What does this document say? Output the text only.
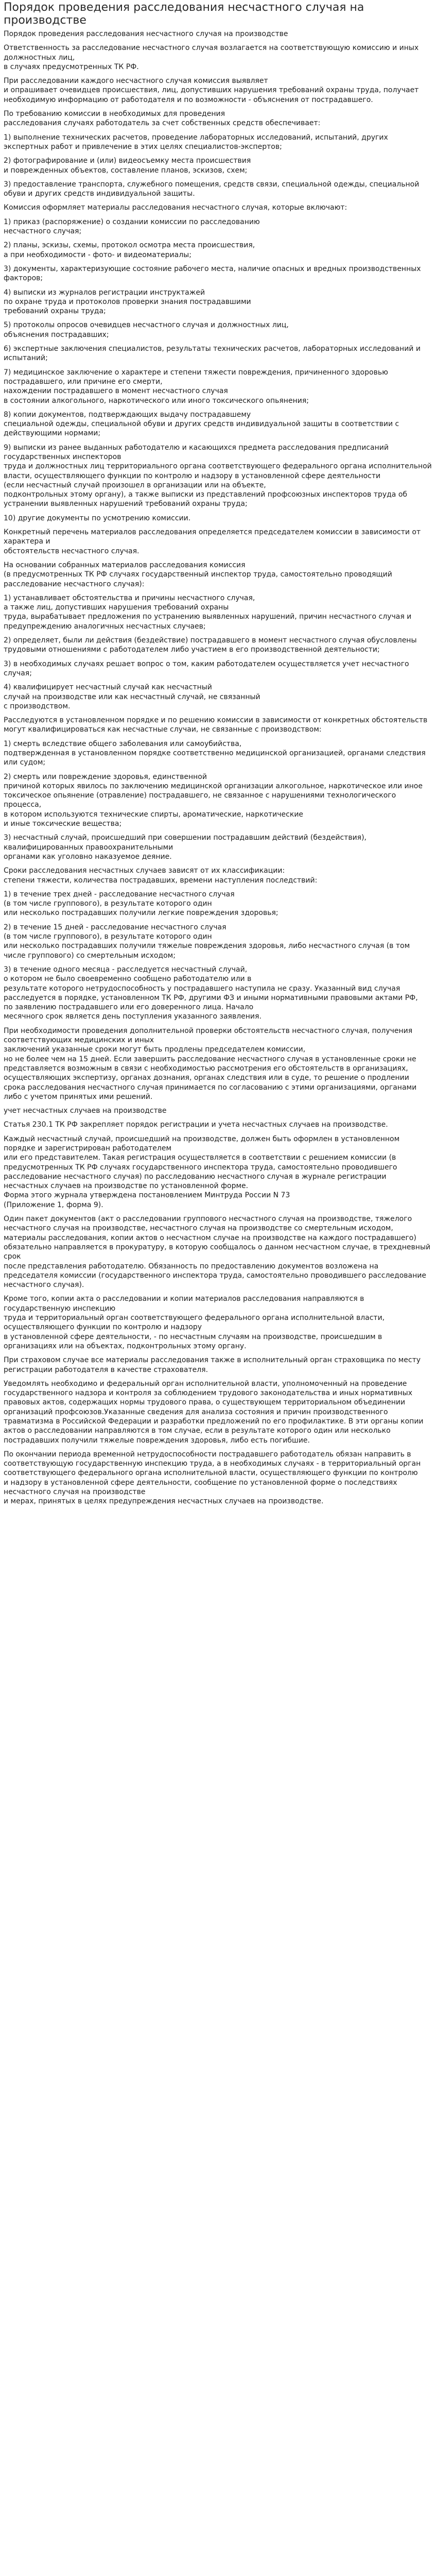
Порядок проведения расследования несчастного случая на производстве

Порядок проведения расследования несчастного случая на производстве

Ответственность за расследование несчастного случая возлагается на соответствующую комиссию и иных должностных лиц,
в случаях предусмотренных ТК РФ.

При расследовании каждого несчастного случая комиссия выявляет
и опрашивает очевидцев происшествия, лиц, допустивших нарушения требований охраны труда, получает необходимую информацию от работодателя и по возможности - объяснения от пострадавшего.

По требованию комиссии в необходимых для проведения
расследования случаях работодатель за счет собственных средств обеспечивает:

1) выполнение технических расчетов, проведение лабораторных исследований, испытаний, других экспертных работ и привлечение в этих целях специалистов-экспертов;

2) фотографирование и (или) видеосъемку места происшествия
и поврежденных объектов, составление планов, эскизов, схем;

3) предоставление транспорта, служебного помещения, средств связи, специальной одежды, специальной обуви и других средств индивидуальной защиты.

Комиссия оформляет материалы расследования несчастного случая, которые включают:

1) приказ (распоряжение) о создании комиссии по расследованию
несчастного случая;

2) планы, эскизы, схемы, протокол осмотра места происшествия,
а при необходимости - фото- и видеоматериалы;

3) документы, характеризующие состояние рабочего места, наличие опасных и вредных производственных факторов;

4) выписки из журналов регистрации инструктажей
по охране труда и протоколов проверки знания пострадавшими
требований охраны труда;

5) протоколы опросов очевидцев несчастного случая и должностных лиц,
объяснения пострадавших;

6) экспертные заключения специалистов, результаты технических расчетов, лабораторных исследований и испытаний;

7) медицинское заключение о характере и степени тяжести повреждения, причиненного здоровью пострадавшего, или причине его смерти,
нахождении пострадавшего в момент несчастного случая
в состоянии алкогольного, наркотического или иного токсического опьянения;

8) копии документов, подтверждающих выдачу пострадавшему
специальной одежды, специальной обуви и других средств индивидуальной защиты в соответствии с действующими нормами;

9) выписки из ранее выданных работодателю и касающихся предмета расследования предписаний государственных инспекторов
труда и должностных лиц территориального органа соответствующего федерального органа исполнительной власти, осуществляющего функции по контролю и надзору в установленной сфере деятельности
(если несчастный случай произошел в организации или на объекте,
подконтрольных этому органу), а также выписки из представлений профсоюзных инспекторов труда об устранении выявленных нарушений требований охраны труда;

10) другие документы по усмотрению комиссии.

Конкретный перечень материалов расследования определяется председателем комиссии в зависимости от характера и
обстоятельств несчастного случая.

На основании собранных материалов расследования комиссия
(в предусмотренных ТК РФ случаях государственный инспектор труда, самостоятельно проводящий расследование несчастного случая):

1) устанавливает обстоятельства и причины несчастного случая,
а также лиц, допустивших нарушения требований охраны
труда, вырабатывает предложения по устранению выявленных нарушений, причин несчастного случая и предупреждению аналогичных несчастных случаев;

2) определяет, были ли действия (бездействие) пострадавшего в момент несчастного случая обусловлены трудовыми отношениями с работодателем либо участием в его производственной деятельности;

3) в необходимых случаях решает вопрос о том, каким работодателем осуществляется учет несчастного случая;

4) квалифицирует несчастный случай как несчастный
случай на производстве или как несчастный случай, не связанный
с производством.

Расследуются в установленном порядке и по решению комиссии в зависимости от конкретных обстоятельств могут квалифицироваться как несчастные случаи, не связанные с производством:

1) смерть вследствие общего заболевания или самоубийства,
подтвержденная в установленном порядке соответственно медицинской организацией, органами следствия или судом;

2) смерть или повреждение здоровья, единственной
причиной которых явилось по заключению медицинской организации алкогольное, наркотическое или иное токсическое опьянение (отравление) пострадавшего, не связанное с нарушениями технологического процесса,
в котором используются технические спирты, ароматические, наркотические
и иные токсические вещества;

3) несчастный случай, происшедший при совершении пострадавшим действий (бездействия), квалифицированных правоохранительными
органами как уголовно наказуемое деяние.

Сроки расследования несчастных случаев зависят от их классификации:
степени тяжести, количества пострадавших, времени наступления последствий:

1) в течение трех дней - расследование несчастного случая
(в том числе группового), в результате которого один
или несколько пострадавших получили легкие повреждения здоровья;

2) в течение 15 дней - расследование несчастного случая
(в том числе группового), в результате которого один
или несколько пострадавших получили тяжелые повреждения здоровья, либо несчастного случая (в том числе группового) со смертельным исходом;

3) в течение одного месяца - расследуется несчастный случай,
о котором не было своевременно сообщено работодателю или в
результате которого нетрудоспособность у пострадавшего наступила не сразу. Указанный вид случая расследуется в порядке, установленном ТК РФ, другими ФЗ и иными нормативными правовыми актами РФ,
по заявлению пострадавшего или его доверенного лица. Начало
месячного срок является день поступления указанного заявления.

При необходимости проведения дополнительной проверки обстоятельств несчастного случая, получения соответствующих медицинских и иных
заключений указанные сроки могут быть продлены председателем комиссии,
но не более чем на 15 дней. Если завершить расследование несчастного случая в установленные сроки не представляется возможным в связи с необходимостью рассмотрения его обстоятельств в организациях, осуществляющих экспертизу, органах дознания, органах следствия или в суде, то решение о продлении срока расследования несчастного случая принимается по согласованию с этими организациями, органами либо с учетом принятых ими решений.

учет несчастных случаев на производстве

Статья 230.1 ТК РФ закрепляет порядок регистрации и учета несчастных случаев на производстве.

Каждый несчастный случай, происшедший на производстве, должен быть оформлен в установленном порядке и зарегистрирован работодателем
или его представителем. Такая регистрация осуществляется в соответствии с решением комиссии (в предусмотренных ТК РФ случаях государственного инспектора труда, самостоятельно проводившего расследование несчастного случая) по расследованию несчастного случая в журнале регистрации несчастных случаев на производстве по установленной форме.
Форма этого журнала утверждена постановлением Минтруда России N 73
(Приложение 1, форма 9).

Один пакет документов (акт о расследовании группового несчастного случая на производстве, тяжелого несчастного случая на производстве, несчастного случая на производстве со смертельным исходом, материалы расследования, копии актов о несчастном случае на производстве на каждого пострадавшего) обязательно направляется в прокуратуру, в которую сообщалось о данном несчастном случае, в трехдневный срок
после представления работодателю. Обязанность по предоставлению документов возложена на председателя комиссии (государственного инспектора труда, самостоятельно проводившего расследование несчастного случая).

Кроме того, копии акта о расследовании и копии материалов расследования направляются в государственную инспекцию
труда и территориальный орган соответствующего федерального органа исполнительной власти, осуществляющего функции по контролю и надзору
в установленной сфере деятельности, - по несчастным случаям на производстве, происшедшим в организациях или на объектах, подконтрольных этому органу.

При страховом случае все материалы расследования также в исполнительный орган страховщика по месту регистрации работодателя в качестве страхователя.

Уведомлять необходимо и федеральный орган исполнительной власти, уполномоченный на проведение государственного надзора и контроля за соблюдением трудового законодательства и иных нормативных правовых актов, содержащих нормы трудового права, о существующем территориальном объединении организаций профсоюзов.Указанные сведения для анализа состояния и причин производственного травматизма в Российской Федерации и разработки предложений по его профилактике. В эти органы копии актов о расследовании направляются в том случае, если в результате которого один или несколько пострадавших получили тяжелые повреждения здоровья, либо есть погибшие.

По окончании периода временной нетрудоспособности пострадавшего работодатель обязан направить в соответствующую государственную инспекцию труда, а в необходимых случаях - в территориальный орган соответствующего федерального органа исполнительной власти, осуществляющего функции по контролю
и надзору в установленной сфере деятельности, сообщение по установленной форме о последствиях несчастного случая на производстве
и мерах, принятых в целях предупреждения несчастных случаев на производстве.
